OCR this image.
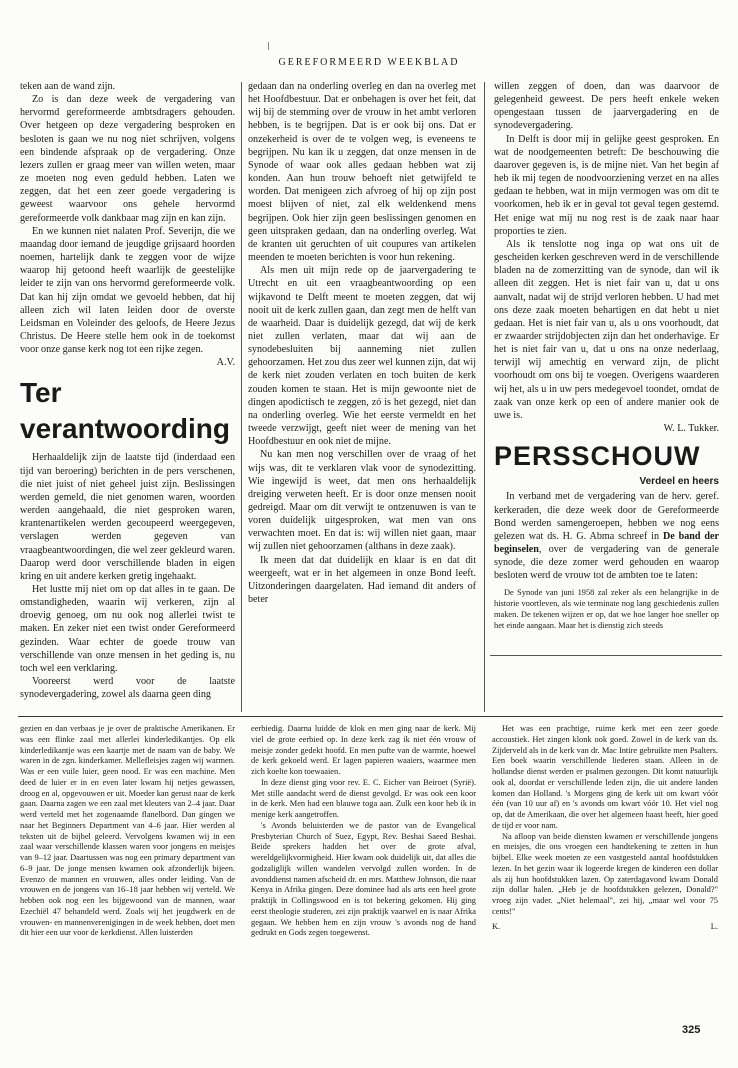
GEREFORMEERD WEEKBLAD

teken aan de wand zijn.

Zo is dan deze week de vergadering van hervormd gereformeerde ambtsdragers gehouden. Over hetgeen op deze vergadering besproken en besloten is gaan we nu nog niet schrijven, volgens een bindende afspraak op de vergadering. Onze lezers zullen er graag meer van willen weten, maar ze moeten nog even geduld hebben. Laten we zeggen, dat het een zeer goede vergadering is geweest waarvoor ons gehele hervormd gereformeerde volk dankbaar mag zijn en kan zijn.

En we kunnen niet nalaten Prof. Severijn, die we maandag door iemand de jeugdige grijsaard hoorden noemen, hartelijk dank te zeggen voor de wijze waarop hij getoond heeft waarlijk de geestelijke leider te zijn van ons hervormd gereformeerde volk. Dat kan hij zijn omdat we gevoeld hebben, dat hij alleen zich wil laten leiden door de overste Leidsman en Voleinder des geloofs, de Heere Jezus Christus. De Heere stelle hem ook in de toekomst voor onze ganse kerk nog tot een rijke zegen.

A.V.
Ter verantwoording

Herhaaldelijk zijn de laatste tijd (inderdaad een tijd van beroering) berichten in de pers verschenen, die niet juist of niet geheel juist zijn. Beslissingen werden gemeld, die niet genomen waren, woorden werden aangehaald, die niet gesproken waren, krantenartikelen werden gecoupeerd weergegeven, verslagen werden gegeven van vraagbeantwoordingen, die wel zeer gekleurd waren. Daarop werd door verschillende bladen in eigen kring en uit andere kerken gretig ingehaakt.

Het lustte mij niet om op dat alles in te gaan. De omstandigheden, waarin wij verkeren, zijn al droevig genoeg, om nu ook nog allerlei twist te maken. En zeker niet een twist onder Gereformeerd gezinden. Waar echter de goede trouw van verschillende van onze mensen in het geding is, nu toch wel een verklaring.

Vooreerst werd voor de laatste synodevergadering, zowel als daarna geen ding

gedaan dan na onderling overleg en dan na overleg met het Hoofdbestuur. Dat er onbehagen is over het feit, dat wij bij de stemming over de vrouw in het ambt verloren hebben, is te begrijpen. Dat is er ook bij ons. Dat er onzekerheid is over de te volgen weg, is eveneens te begrijpen. Nu kan ik u zeggen, dat onze mensen in de Synode of waar ook alles gedaan hebben wat zij konden. Aan hun trouw behoeft niet getwijfeld te worden. Dat menigeen zich afvroeg of hij op zijn post moest blijven of niet, zal elk weldenkend mens begrijpen. Ook hier zijn geen beslissingen genomen en geen uitspraken gedaan, dan na onderling overleg. Wat de kranten uit geruchten of uit coupures van artikelen meenden te moeten berichten is voor hun rekening.

Als men uit mijn rede op de jaarvergadering te Utrecht en uit een vraagbeantwoording op een wijkavond te Delft meent te moeten zeggen, dat wij nooit uit de kerk zullen gaan, dan zegt men de helft van de waarheid. Daar is duidelijk gezegd, dat wij de kerk niet zullen verlaten, maar dat wij aan de synodebesluiten bij aanneming niet zullen gehoorzamen. Het zou dus zeer wel kunnen zijn, dat wij de kerk niet zouden verlaten en toch buiten de kerk zouden komen te staan. Het is mijn gewoonte niet de dingen apodictisch te zeggen, zó is het gezegd, niet dan na onderling overleg. Wie het eerste vermeldt en het tweede verzwijgt, geeft niet weer de mening van het Hoofdbestuur en ook niet de mijne.

Nu kan men nog verschillen over de vraag of het wijs was, dit te verklaren vlak voor de synodezitting. Wie ingewijd is weet, dat men ons herhaaldelijk dreiging verweten heeft. Er is door onze mensen nooit gedreigd. Maar om dit verwijt te ontzenuwen is van te voren duidelijk uitgesproken, wat men van ons verwachten moet. En dat is: wij willen niet gaan, maar wij zullen niet gehoorzamen (althans in deze zaak).

Ik meen dat dat duidelijk en klaar is en dat dit weergeeft, wat er in het algemeen in onze Bond leeft. Uitzonderingen daargelaten. Had iemand dit anders of beter

willen zeggen of doen, dan was daarvoor de gelegenheid geweest. De pers heeft enkele weken opengestaan tussen de jaarvergadering en de synodevergadering.

In Delft is door mij in gelijke geest gesproken. En wat de noodgemeenten betreft: De beschouwing die daarover gegeven is, is de mijne niet. Van het begin af heb ik mij tegen de noodvoorziening verzet en na alles gedaan te hebben, wat in mijn vermogen was om dit te voorkomen, heb ik er in geval tot geval tegen gestemd. Het enige wat mij nu nog rest is de zaak naar haar proporties te zien.

Als ik tenslotte nog inga op wat ons uit de gescheiden kerken geschreven werd in de verschillende bladen na de zomerzitting van de synode, dan wil ik alleen dit zeggen. Het is niet fair van u, dat u ons aanvalt, nadat wij de strijd verloren hebben. U had met ons deze zaak moeten behartigen en dat hebt u niet gedaan. Het is niet fair van u, als u ons voorhoudt, dat er zwaarder strijdobjecten zijn dan het onderhavige. Er het is niet fair van u, dat u ons na onze nederlaag, terwijl wij amechtig en verward zijn, de plicht voorhoudt om ons bij te voegen. Overigens waarderen wij het, als u in uw pers medegevoel toondet, omdat de zaak van onze kerk op een of andere manier ook de uwe is.

W. L. Tukker.
PERSSCHOUW
Verdeel en heers

In verband met de vergadering van de herv. geref. kerkeraden, die deze week door de Gereformeerde Bond werden samengeroepen, hebben we nog eens gelezen wat ds. H. G. Abma schreef in De band der beginselen, over de vergadering van de generale synode, die deze zomer werd gehouden en waarop besloten werd de vrouw tot de ambten toe te laten:

De Synode van juni 1958 zal zeker als een belangrijke in de historie voortleven, als wie terminate nog lang geschiedenis zullen maken. De tekenen wijzen er op, dat we hoe langer hoe sneller op het einde aangaan. Maar het is dienstig zich steeds

gezien en dan verbaas je je over de praktische Amerikanen. Er was een flinke zaal met allerlei kinderledikantjes. Op elk kinderledikantje was een kaartje met de naam van de baby. We waren in de zgn. kinderkamer. Mellefleisjes zagen wij warmen. Was er een vuile luier, geen nood. Er was een machine. Men deed de luier er in en even later kwam hij netjes gewassen, droog en al, opgevouwen er uit. Moeder kan gerust naar de kerk gaan. Daarna zagen we een zaal met kleuters van 2–4 jaar. Daar werd verteld met het zogenaamde flanelbord. Dan gingen we naar het Beginners Department van 4–6 jaar. Hier werden al teksten uit de bijbel geleerd. Vervolgens kwamen wij in een zaal waar verschillende klassen waren voor jongens en meisjes van 9–12 jaar. Daartussen was nog een primary department van 6–9 jaar. De jonge mensen kwamen ook afzonderlijk bijeen. Evenzo de mannen en vrouwen, alles onder leiding. Van de vrouwen en de jongens van 16–18 jaar hebben wij verteld. We hebben ook nog een les bijgewoond van de mannen, waar Ezechiël 47 behandeld werd. Zoals wij het jeugdwerk en de vrouwen- en mannenverenigingen in de week hebben, doet men dit hier een uur voor de kerkdienst. Allen luisterden

eerbiedig. Daarna luidde de klok en men ging naar de kerk. Mij viel de grote eerbied op. In deze kerk zag ik niet één vrouw of meisje zonder gedekt hoofd. En men pufte van de warmte, hoewel de kerk gekoeld werd. Er lagen papieren waaiers, waarmee men zich koelte kon toewaaien.

In deze dienst ging voor rev. E. C. Eicher van Beiroet (Syrië). Met stille aandacht werd de dienst gevolgd. Er was ook een koor in de kerk. Men had een blauwe toga aan. Zulk een koor heb ik in menige kerk aangetroffen.

's Avonds beluisterden we de pastor van de Evangelical Presbyterian Church of Suez, Egypt, Rev. Beshai Saeed Beshai. Beide sprekers hadden het over de grote afval, wereldgelijkvormigheid. Hier kwam ook duidelijk uit, dat alles die godzaliglijk willen wandelen vervolgd zullen worden. In de avonddienst namen afscheid dr. en mrs. Matthew Johnson, die naar Kenya in Afrika gingen. Deze dominee had als arts een heel grote praktijk in Collingswood en is tot bekering gekomen. Hij ging eerst theologie studeren, zei zijn praktijk vaarwel en is naar Afrika gegaan. We hebben hem en zijn vrouw 's avonds nog de hand gedrukt en Gods zegen toegewenst.

Het was een prachtige, ruime kerk met een zeer goede accoustiek. Het zingen klonk ook goed. Zowel in de kerk van ds. Zijderveld als in de kerk van dr. Mac Intire gebruikte men Psalters. Een boek waarin verschillende liederen staan. Alleen in de hollandse dienst werden er psalmen gezongen. Dit komt natuurlijk ook al, doordat er verschillende leden zijn, die uit andere landen komen dan Holland. 's Morgens ging de kerk uit om kwart vóór één (van 10 uur af) en 's avonds om kwart vóór 10. Het viel nog op, dat de Amerikaan, die over het algemeen haast heeft, hier goed de tijd er voor nam.

Na afloop van beide diensten kwamen er verschillende jongens en meisjes, die ons vroegen een handtekening te zetten in hun bijbel. Elke week moeten ze een vastgesteld aantal hoofdstukken lezen. In het gezin waar ik logeerde kregen de kinderen een dollar als zij hun hoofdstukken lazen. Op zaterdagavond kwam Donald zijn dollar halen. „Heb je de hoofdstukken gelezen, Donald?" vroeg zijn vader. „Niet helemaal", zei hij, „maar wel voor 75 cents!"

K.	L.
325
